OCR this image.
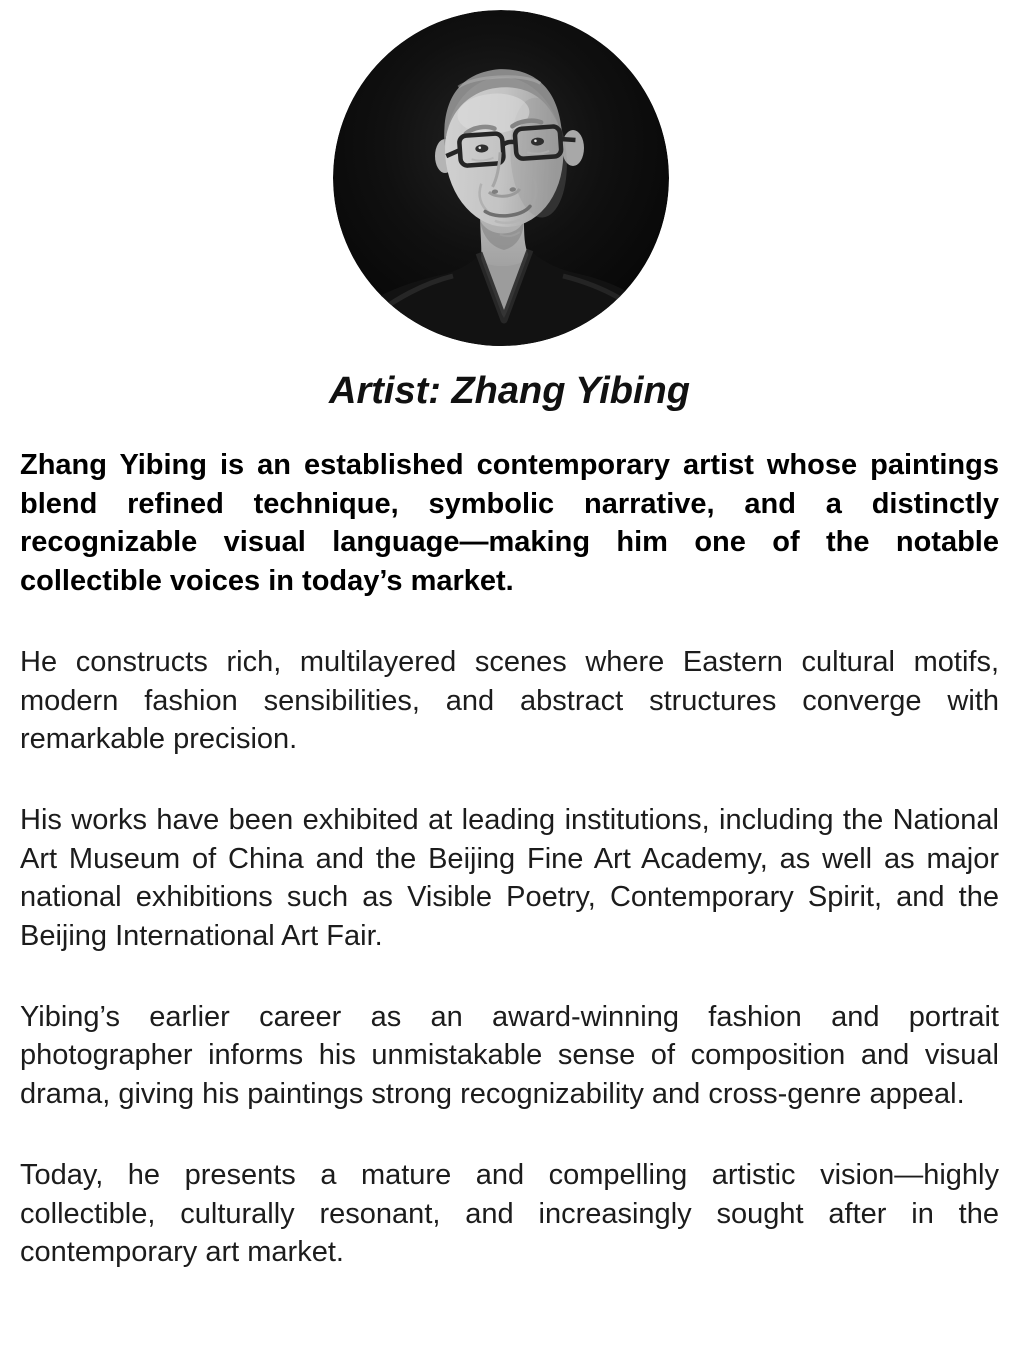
Artist: Zhang Yibing

Zhang Yibing is an established contemporary artist whose paintings blend refined technique, symbolic narrative, and a distinctly recognizable visual language—making him one of the notable collectible voices in today’s market.

He constructs rich, multilayered scenes where Eastern cultural motifs, modern fashion sensibilities, and abstract structures converge with remarkable precision.

His works have been exhibited at leading institutions, including the National Art Museum of China and the Beijing Fine Art Academy, as well as major national exhibitions such as Visible Poetry, Contemporary Spirit, and the Beijing International Art Fair.

Yibing’s earlier career as an award-winning fashion and portrait photographer informs his unmistakable sense of composition and visual drama, giving his paintings strong recognizability and cross-genre appeal.

Today, he presents a mature and compelling artistic vision—highly collectible, culturally resonant, and increasingly sought after in the contemporary art market.
